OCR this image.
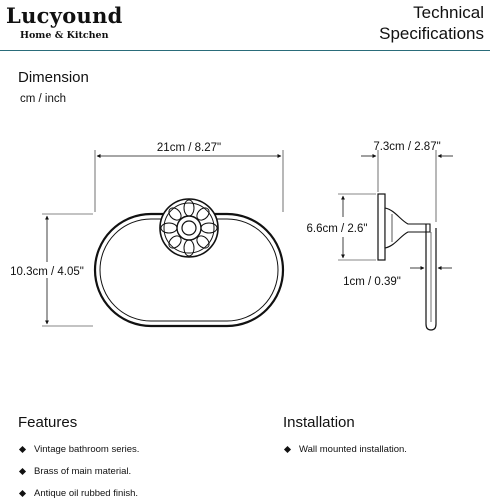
Lucyound
Home & Kitchen
Technical
Specifications
Dimension
cm / inch
21cm / 8.27"
10.3cm / 4.05"
7.3cm / 2.87"
6.6cm / 2.6"
1cm / 0.39"
Features
Vintage bathroom series.
Brass of main material.
Antique oil rubbed finish.
Installation
Wall mounted installation.
